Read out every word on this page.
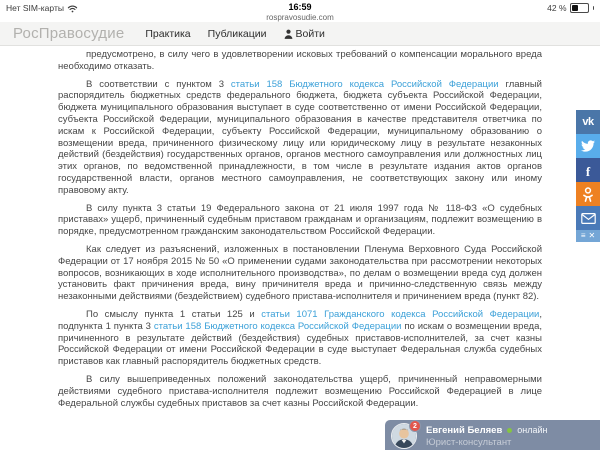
Нет SIM-карты	16:59
rospravosudie.com
42 %
РосПравосудие Практика Публикации	Войти

предусмотрено, в силу чего в удовлетворении исковых требований о компенсации морального вреда необходимо отказать.

В соответствии с пунктом 3 статьи 158 Бюджетного кодекса Российской Федерации главный распорядитель бюджетных средств федерального бюджета, бюджета субъекта Российской Федерации, бюджета муниципального образования выступает в суде соответственно от имени Российской Федерации, субъекта Российской Федерации, муниципального образования в качестве представителя ответчика по искам к Российской Федерации, субъекту Российской Федерации, муниципальному образованию о возмещении вреда, причиненного физическому лицу или юридическому лицу в результате незаконных действий (бездействия) государственных органов, органов местного самоуправления или должностных лиц этих органов, по ведомственной принадлежности, в том числе в результате издания актов органов государственной власти, органов местного самоуправления, не соответствующих закону или иному правовому акту.

В силу пункта 3 статьи 19 Федерального закона от 21 июля 1997 года № 118-ФЗ «О судебных приставах» ущерб, причиненный судебным приставом гражданам и организациям, подлежит возмещению в порядке, предусмотренном гражданским законодательством Российской Федерации.

Как следует из разъяснений, изложенных в постановлении Пленума Верховного Суда Российской Федерации от 17 ноября 2015 № 50 «О применении судами законодательства при рассмотрении некоторых вопросов, возникающих в ходе исполнительного производства», по делам о возмещении вреда суд должен установить факт причинения вреда, вину причинителя вреда и причинно-следственную связь между незаконными действиями (бездействием) судебного пристава-исполнителя и причинением вреда (пункт 82).

По смыслу пункта 1 статьи 125 и статьи 1071 Гражданского кодекса Российской Федерации, подпункта 1 пункта 3 статьи 158 Бюджетного кодекса Российской Федерации по искам о возмещении вреда, причиненного в результате действий (бездействия) судебных приставов-исполнителей, за счет казны Российской Федерации от имени Российской Федерации в суде выступает Федеральная служба судебных приставов как главный распорядитель бюджетных средств.

В силу вышеприведенных положений законодательства ущерб, причиненный неправомерными действиями судебного пристава-исполнителя подлежит возмещению Российской Федерацией в лице Федеральной службы судебных приставов за счет казны Российской Федерации.

vk
f
≡ ✕
2 Евгений Беляев онлайн
Юрист-консультант
